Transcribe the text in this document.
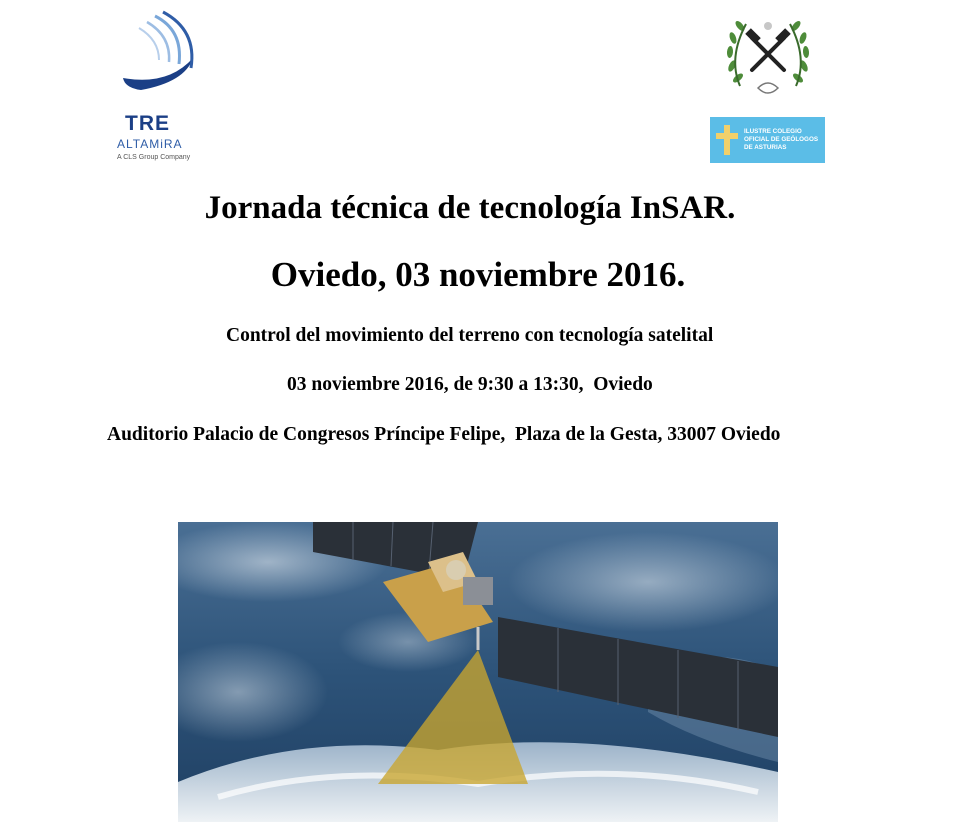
TRE
ALTAMiRA
A CLS Group Company
ILUSTRE COLEGIO
OFICIAL DE GEÓLOGOS
DE ASTURIAS
Jornada técnica de tecnología InSAR.
Oviedo, 03 noviembre 2016.
Control del movimiento del terreno con tecnología satelital
03 noviembre 2016, de 9:30 a 13:30,  Oviedo
Auditorio Palacio de Congresos Príncipe Felipe,  Plaza de la Gesta, 33007 Oviedo
